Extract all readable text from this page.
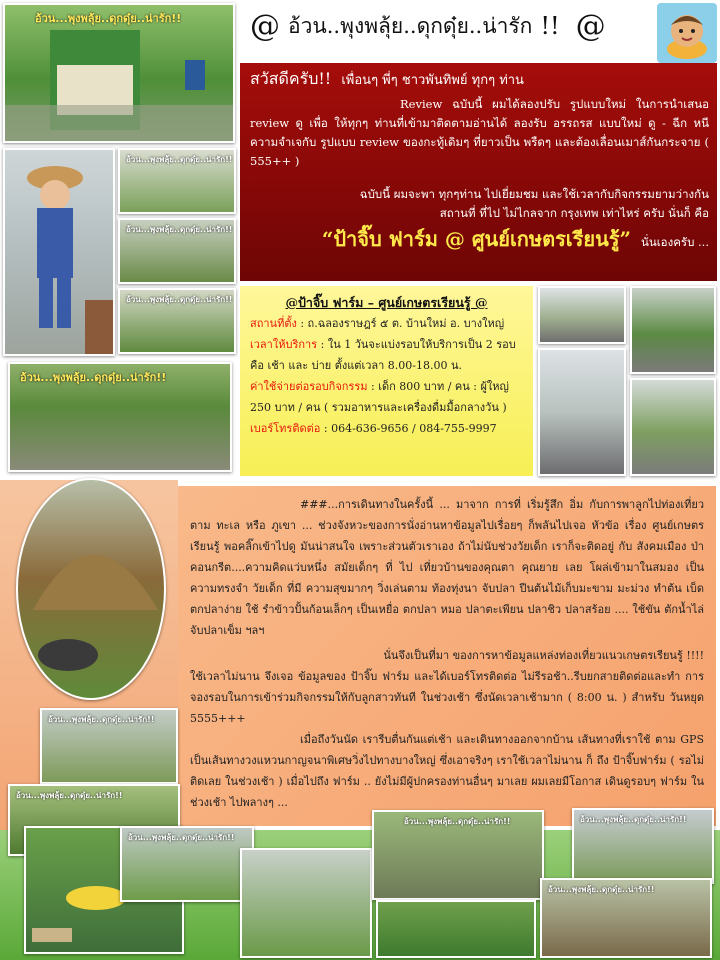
@ อ้วน..พุงพลุ้ย..ดุกดุ๋ย..น่ารัก !! @
อ้วน...พุงพลุ้ย..ดุกดุ๋ย..น่ารัก!!
อ้วน...พุงพลุ้ย..ดุกดุ๋ย..น่ารัก!!
อ้วน...พุงพลุ้ย..ดุกดุ๋ย..น่ารัก!!
อ้วน...พุงพลุ้ย..ดุกดุ๋ย..น่ารัก!!
อ้วน...พุงพลุ้ย..ดุกดุ๋ย..น่ารัก!!
สวัสดีครับ!! เพื่อนๆ พี่ๆ ชาวพันทิพย์ ทุกๆ ท่าน

Review ฉบับนี้ ผมได้ลองปรับ รูปแบบใหม่ ในการนำเสนอ review ดู เพื่อ ให้ทุกๆ ท่านที่เข้ามาติดตามอ่านได้ ลองรับ อรรถรส แบบใหม่ ดู - ฉีก หนี ความจำเจกับ รูปแบบ review ของกะทู้เดิมๆ ที่ยาวเป็น พรืดๆ และต้องเลื่อนเมาส์กันกระจาย ( 555++ )

ฉบับนี้ ผมจะพา ทุกๆท่าน ไปเยี่ยมชม และใช้เวลากับกิจกรรมยามว่างกัน

สถานที่ ที่ไป ไม่ไกลจาก กรุงเทพ เท่าไหร่ ครับ นั่นก็ คือ

“ป้าจิ๊บ ฟาร์ม @ ศูนย์เกษตรเรียนรู้” นั่นเองครับ ...
@ป้าจิ๊บ ฟาร์ม – ศูนย์เกษตรเรียนรู้ @
สถานที่ตั้ง : ถ.ฉลองราษฎร์ ๕ ต. บ้านใหม่ อ. บางใหญ่
เวลาให้บริการ : ใน 1 วันจะแบ่งรอบให้บริการเป็น 2 รอบ คือ เช้า และ บ่าย ตั้งแต่เวลา 8.00-18.00 น.
ค่าใช้จ่ายต่อรอบกิจกรรม : เด็ก 800 บาท / คน : ผู้ใหญ่ 250 บาท / คน ( รวมอาหารและเครื่องดื่มมื้อกลางวัน )
เบอร์โทรติดต่อ : 064-636-9656 / 084-755-9997

###...การเดินทางในครั้งนี้ ... มาจาก การที่ เริ่มรู้สึก อิ่ม กับการพาลูกไปท่องเที่ยวตาม ทะเล หรือ ภูเขา ... ช่วงจังหวะของการนั่งอ่านหาข้อมูลไปเรื่อยๆ ก็พลันไปเจอ หัวข้อ เรื่อง ศูนย์เกษตร เรียนรู้ พอคลิ๊กเข้าไปดู มันน่าสนใจ เพราะส่วนตัวเราเอง ถ้าไม่นับช่วงวัยเด็ก เราก็จะติดอยู่ กับ สังคมเมือง ป่าคอนกรีต....ความคิดแว่บหนึ่ง สมัยเด็กๆ ที่ ไป เที่ยวบ้านของคุณตา คุณยาย เลย โผล่เข้ามาในสมอง เป็น ความทรงจำ วัยเด็ก ที่มี ความสุขมากๆ วิ่งเล่นตาม ท้องทุ่งนา จับปลา ปีนต้นไม้เก็บมะขาม มะม่วง ทำต้น เบ็ดตกปลาง่าย ใช้ รำข้าวปั้นก้อนเล็กๆ เป็นเหยื่อ ตกปลา หมอ ปลาตะเพียน ปลาชิว ปลาสร้อย .... ใช้ขัน ตักน้ำไล่จับปลาเข็ม ฯลฯ

นั่นจึงเป็นที่มา ของการหาข้อมูลแหล่งท่องเที่ยวแนวเกษตรเรียนรู้ !!!!

ใช้เวลาไม่นาน จึงเจอ ข้อมูลของ ป้าจิ๊บ ฟาร์ม และได้เบอร์โทรติดต่อ ไม่รีรอช้า..รีบยกสายติดต่อและทำ การจองรอบในการเข้าร่วมกิจกรรมให้กับลูกสาวทันที ในช่วงเช้า ซึ่งนัดเวลาเช้ามาก ( 8:00 น. ) สำหรับ วันหยุด 5555+++

เมื่อถึงวันนัด เรารีบตื่นกันแต่เช้า และเดินทางออกจากบ้าน เส้นทางที่เราใช้ ตาม GPS เป็นเส้นทางวงแหวนกาญจนาพิเศษวิ่งไปทางบางใหญ่ ซึ่งเอาจริงๆ เราใช้เวลาไม่นาน ก็ ถึง ป้าจิ๊บฟาร์ม ( รอไม่ติดเลย ในช่วงเช้า ) เมื่อไปถึง ฟาร์ม .. ยังไม่มีผู้ปกครองท่านอื่นๆ มาเลย ผมเลยมีโอกาส เดินดูรอบๆ ฟาร์ม ในช่วงเช้า ไปพลางๆ ...

อ้วน...พุงพลุ้ย..ดุกดุ๋ย..น่ารัก!!
อ้วน...พุงพลุ้ย..ดุกดุ๋ย..น่ารัก!!
อ้วน...พุงพลุ้ย..ดุกดุ๋ย..น่ารัก!!
อ้วน...พุงพลุ้ย..ดุกดุ๋ย..น่ารัก!!	อ้วน...พุงพลุ้ย..ดุกดุ๋ย..น่ารัก!!
อ้วน...พุงพลุ้ย..ดุกดุ๋ย..น่ารัก!!
